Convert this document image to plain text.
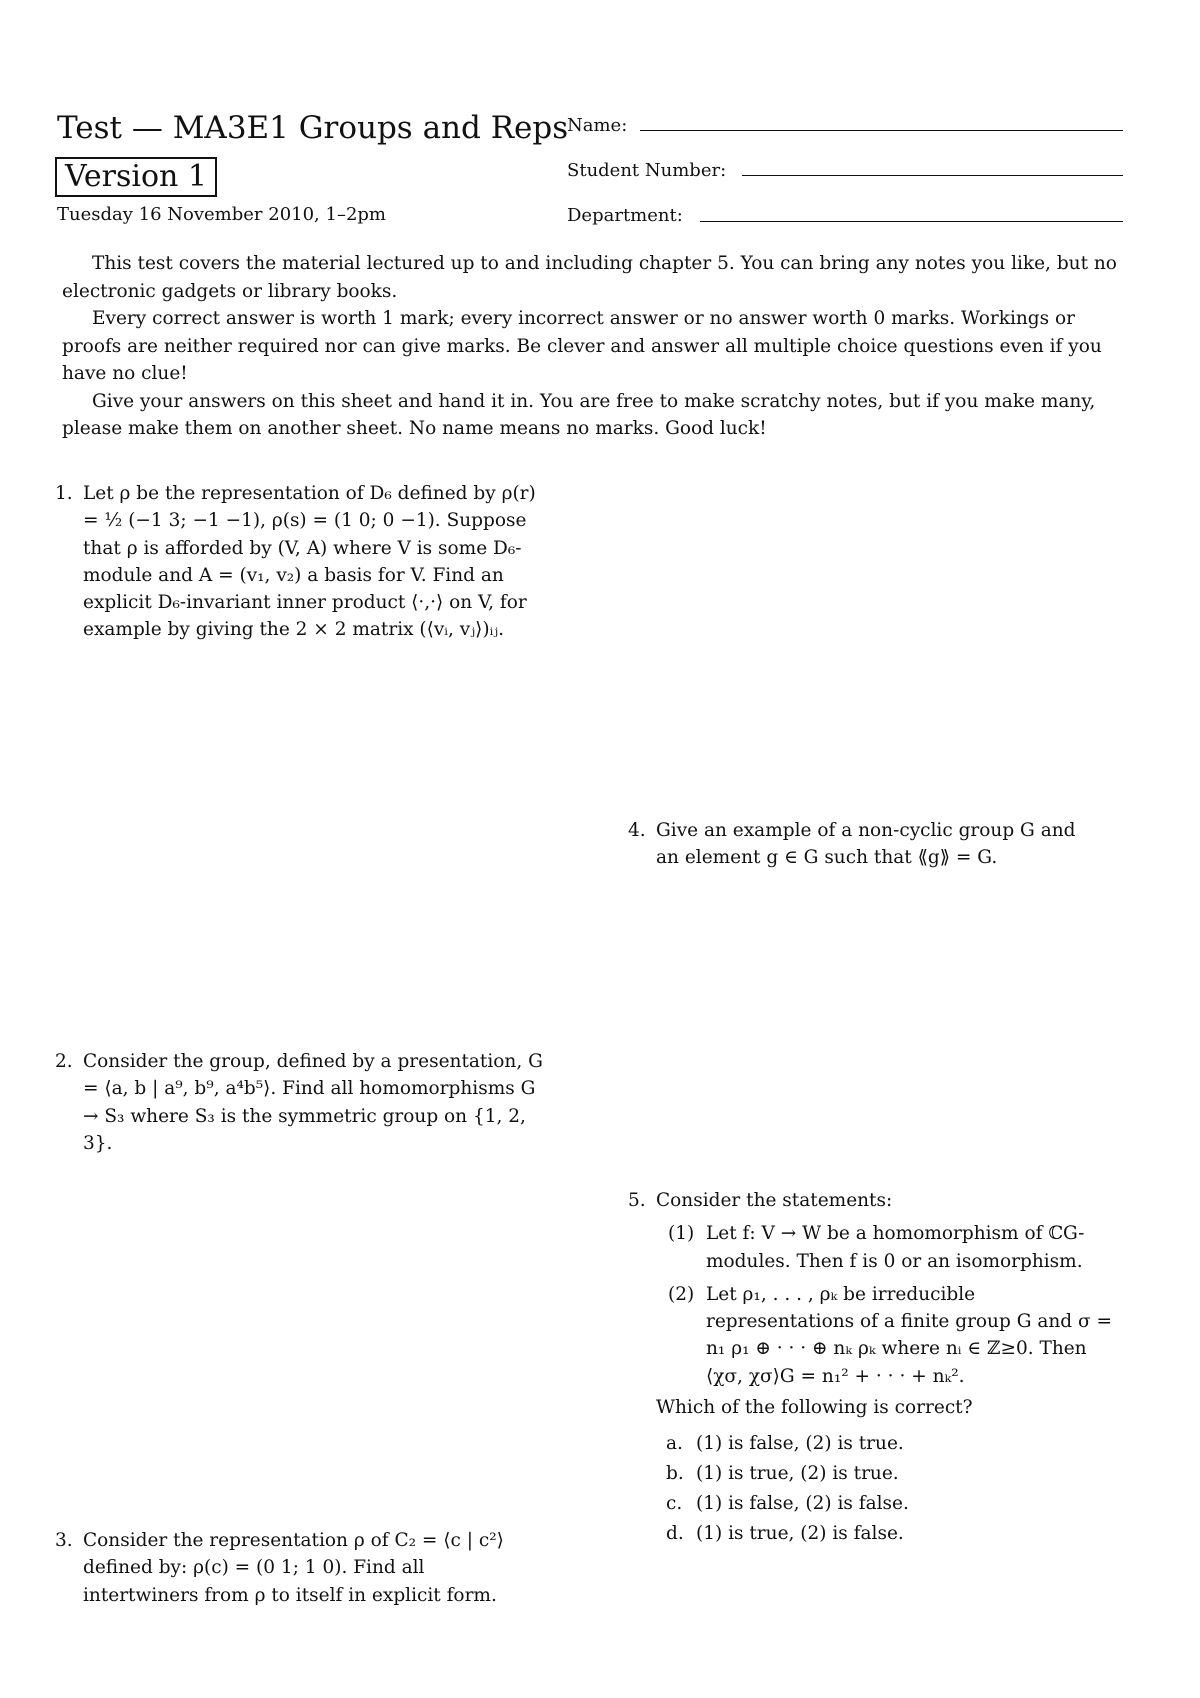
Test — MA3E1 Groups and Reps
Version 1
Tuesday 16 November 2010, 1–2pm
Name:
Student Number:
Department:

This test covers the material lectured up to and including chapter 5. You can bring any notes you like, but no electronic gadgets or library books.

Every correct answer is worth 1 mark; every incorrect answer or no answer worth 0 marks. Workings or proofs are neither required nor can give marks. Be clever and answer all multiple choice questions even if you have no clue!

Give your answers on this sheet and hand it in. You are free to make scratchy notes, but if you make many, please make them on another sheet. No name means no marks. Good luck!

1. Let ρ be the representation of D₆ defined by ρ(r) = ½ (−1 3; −1 −1), ρ(s) = (1 0; 0 −1). Suppose that ρ is afforded by (V, A) where V is some D₆-module and A = (v₁, v₂) a basis for V. Find an explicit D₆-invariant inner product ⟨·,·⟩ on V, for example by giving the 2 × 2 matrix (⟨vᵢ, vⱼ⟩)ᵢⱼ.
4. Give an example of a non-cyclic group G and an element g ∈ G such that ⟪g⟫ = G.
2. Consider the group, defined by a presentation, G = ⟨a, b | a⁹, b⁹, a⁴b⁵⟩. Find all homomorphisms G → S₃ where S₃ is the symmetric group on {1, 2, 3}.
5. Consider the statements:
(1) Let f: V → W be a homomorphism of ℂG-modules. Then f is 0 or an isomorphism.
(2) Let ρ₁, . . . , ρₖ be irreducible representations of a finite group G and σ = n₁ ρ₁ ⊕ · · · ⊕ nₖ ρₖ where nᵢ ∈ ℤ≥0. Then ⟨χσ, χσ⟩G = n₁² + · · · + nₖ².
Which of the following is correct?
a. (1) is false, (2) is true.
b. (1) is true, (2) is true.
c. (1) is false, (2) is false.
d. (1) is true, (2) is false.
3. Consider the representation ρ of C₂ = ⟨c | c²⟩ defined by: ρ(c) = (0 1; 1 0). Find all intertwiners from ρ to itself in explicit form.
